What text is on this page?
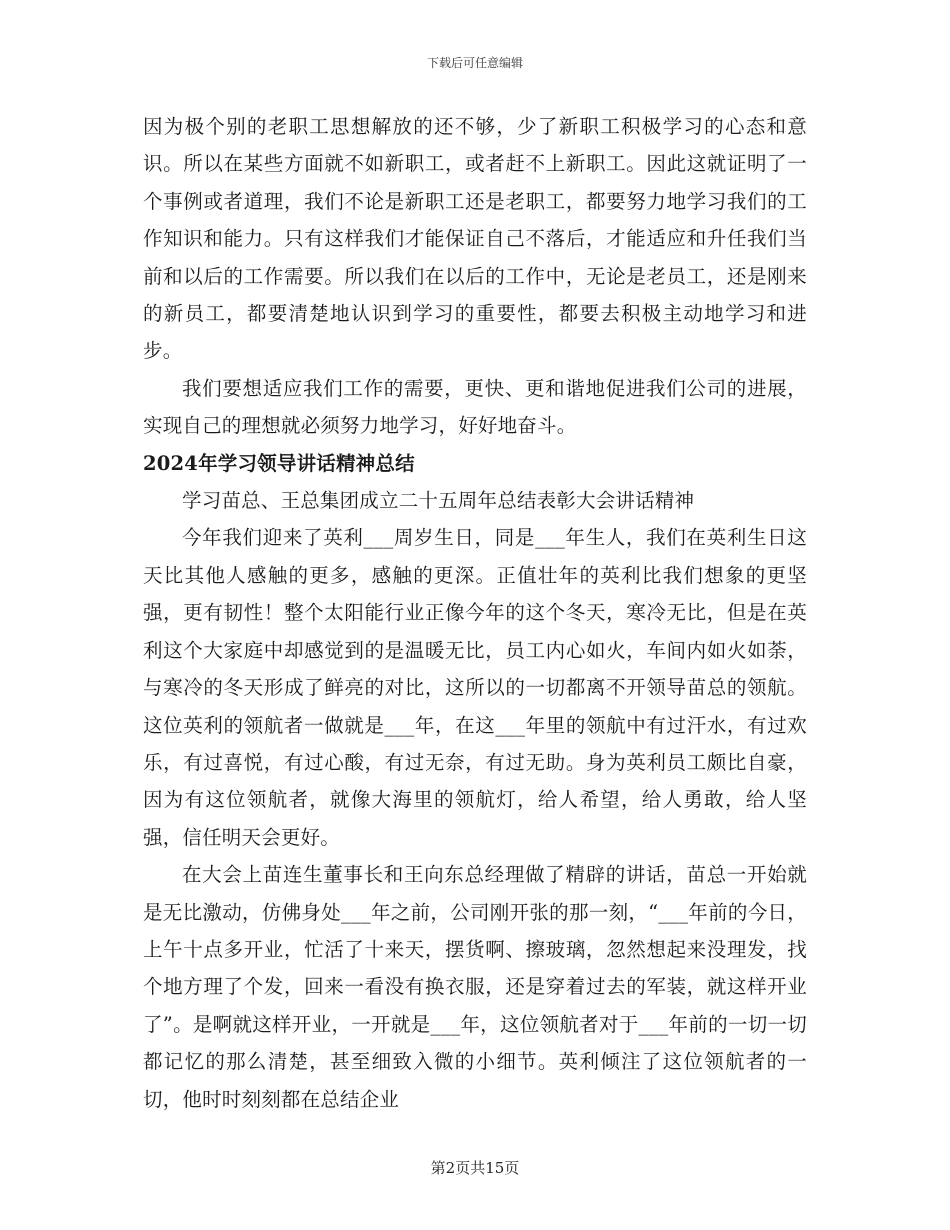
下载后可任意编辑

因为极个别的老职工思想解放的还不够，少了新职工积极学习的心态和意识。所以在某些方面就不如新职工，或者赶不上新职工。因此这就证明了一个事例或者道理，我们不论是新职工还是老职工，都要努力地学习我们的工作知识和能力。只有这样我们才能保证自己不落后，才能适应和升任我们当前和以后的工作需要。所以我们在以后的工作中，无论是老员工，还是刚来的新员工，都要清楚地认识到学习的重要性，都要去积极主动地学习和进步。

我们要想适应我们工作的需要，更快、更和谐地促进我们公司的进展，实现自己的理想就必须努力地学习，好好地奋斗。

2024年学习领导讲话精神总结

学习苗总、王总集团成立二十五周年总结表彰大会讲话精神

今年我们迎来了英利___周岁生日，同是___年生人，我们在英利生日这天比其他人感触的更多，感触的更深。正值壮年的英利比我们想象的更坚强，更有韧性！整个太阳能行业正像今年的这个冬天，寒冷无比，但是在英利这个大家庭中却感觉到的是温暖无比，员工内心如火，车间内如火如荼，与寒冷的冬天形成了鲜亮的对比，这所以的一切都离不开领导苗总的领航。这位英利的领航者一做就是___年，在这___年里的领航中有过汗水，有过欢乐，有过喜悦，有过心酸，有过无奈，有过无助。身为英利员工颇比自豪，因为有这位领航者，就像大海里的领航灯，给人希望，给人勇敢，给人坚强，信任明天会更好。

在大会上苗连生董事长和王向东总经理做了精辟的讲话，苗总一开始就是无比激动，仿佛身处___年之前，公司刚开张的那一刻，“___年前的今日，上午十点多开业，忙活了十来天，摆货啊、擦玻璃，忽然想起来没理发，找个地方理了个发，回来一看没有换衣服，还是穿着过去的军装，就这样开业了”。是啊就这样开业，一开就是___年，这位领航者对于___年前的一切一切都记忆的那么清楚，甚至细致入微的小细节。英利倾注了这位领航者的一切，他时时刻刻都在总结企业

第2页共15页
